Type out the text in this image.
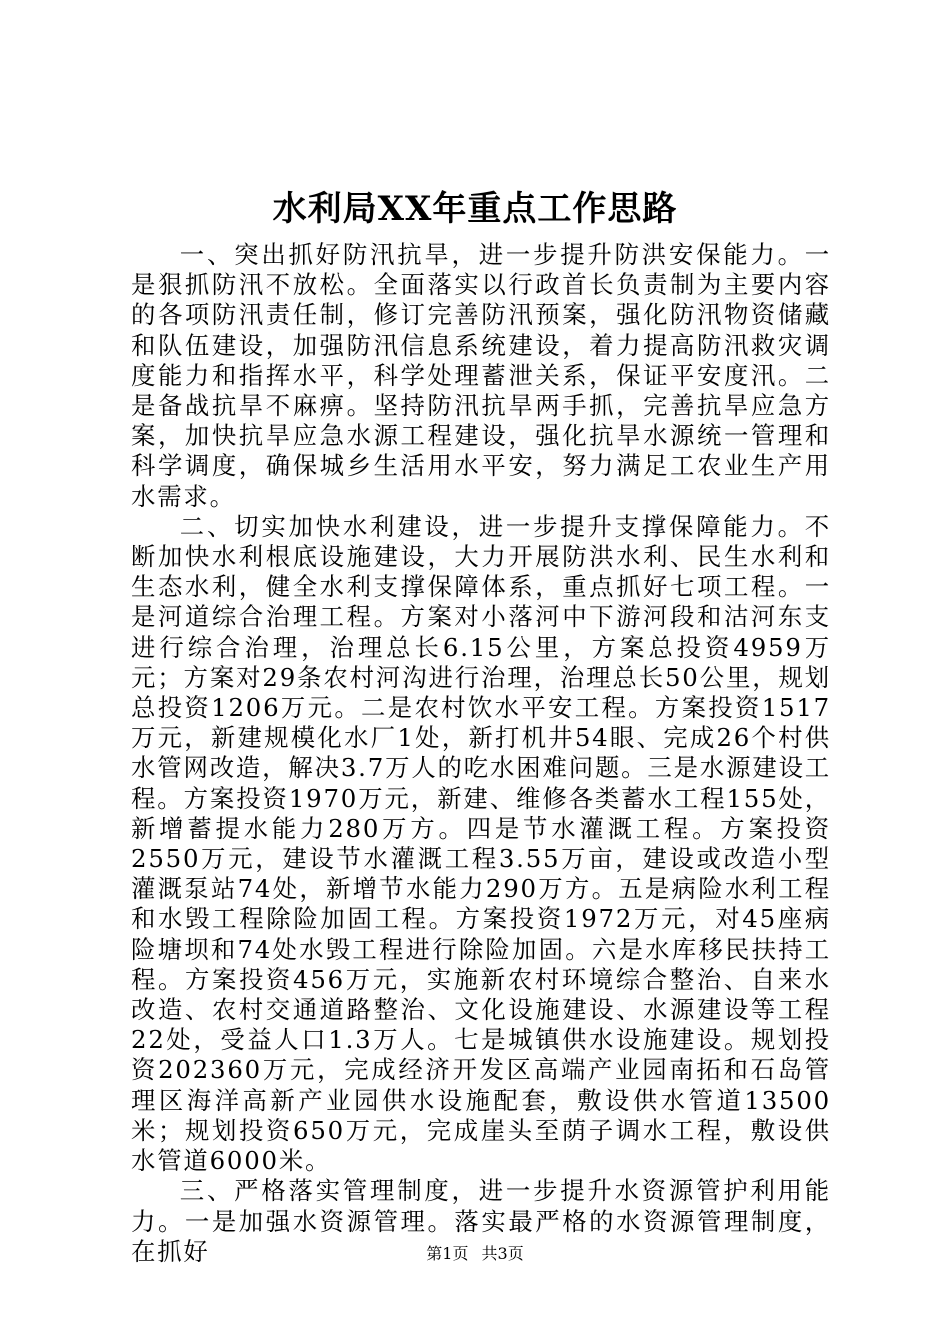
水利局XX年重点工作思路

一、突出抓好防汛抗旱，进一步提升防洪安保能力。一是狠抓防汛不放松。全面落实以行政首长负责制为主要内容的各项防汛责任制，修订完善防汛预案，强化防汛物资储藏和队伍建设，加强防汛信息系统建设，着力提高防汛救灾调度能力和指挥水平，科学处理蓄泄关系，保证平安度汛。二是备战抗旱不麻痹。坚持防汛抗旱两手抓，完善抗旱应急方案，加快抗旱应急水源工程建设，强化抗旱水源统一管理和科学调度，确保城乡生活用水平安，努力满足工农业生产用水需求。

二、切实加快水利建设，进一步提升支撑保障能力。不断加快水利根底设施建设，大力开展防洪水利、民生水利和生态水利，健全水利支撑保障体系，重点抓好七项工程。一是河道综合治理工程。方案对小落河中下游河段和沽河东支进行综合治理，治理总长6.15公里，方案总投资4959万元；方案对29条农村河沟进行治理，治理总长50公里，规划总投资1206万元。二是农村饮水平安工程。方案投资1517万元，新建规模化水厂1处，新打机井54眼、完成26个村供水管网改造，解决3.7万人的吃水困难问题。三是水源建设工程。方案投资1970万元，新建、维修各类蓄水工程155处，新增蓄提水能力280万方。四是节水灌溉工程。方案投资2550万元，建设节水灌溉工程3.55万亩，建设或改造小型灌溉泵站74处，新增节水能力290万方。五是病险水利工程和水毁工程除险加固工程。方案投资1972万元，对45座病险塘坝和74处水毁工程进行除险加固。六是水库移民扶持工程。方案投资456万元，实施新农村环境综合整治、自来水改造、农村交通道路整治、文化设施建设、水源建设等工程22处，受益人口1.3万人。七是城镇供水设施建设。规划投资202360万元，完成经济开发区高端产业园南拓和石岛管理区海洋高新产业园供水设施配套，敷设供水管道13500米；规划投资650万元，完成崖头至荫子调水工程，敷设供水管道6000米。

三、严格落实管理制度，进一步提升水资源管护利用能力。一是加强水资源管理。落实最严格的水资源管理制度，在抓好	第1页 共3页
